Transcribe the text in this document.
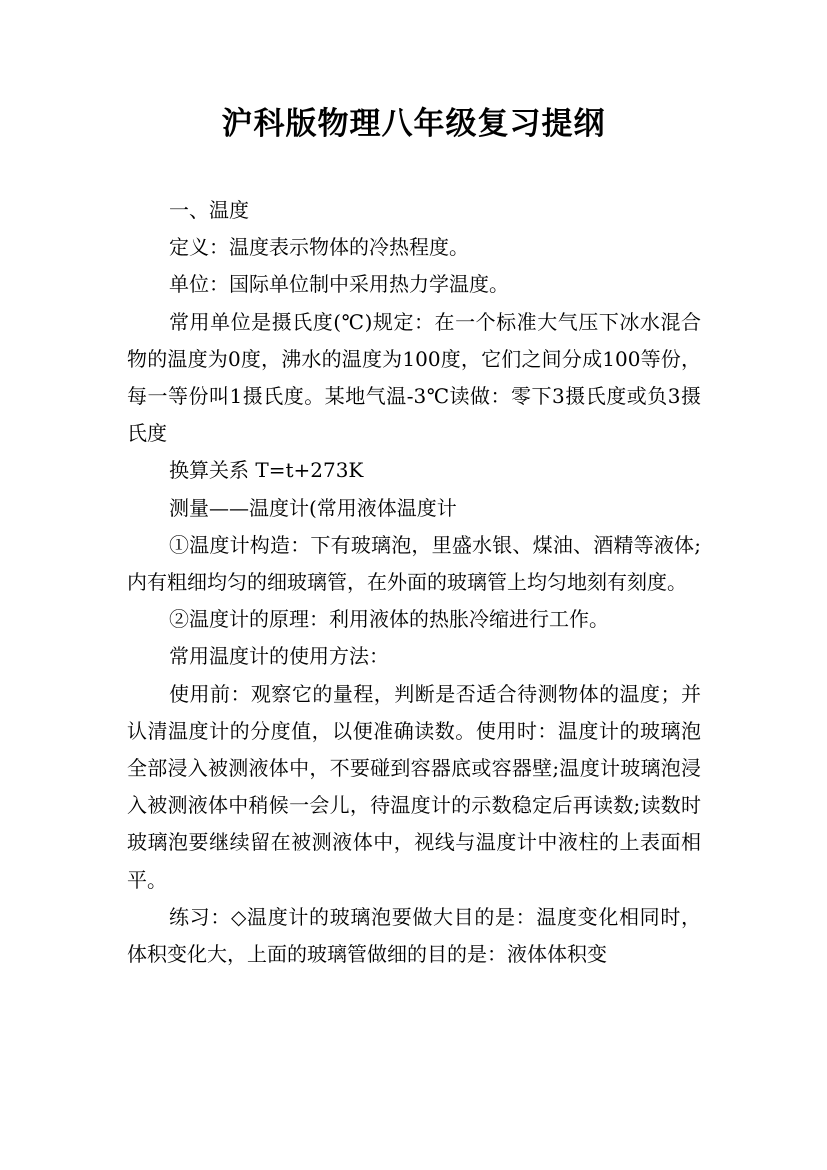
沪科版物理八年级复习提纲

一、温度

定义：温度表示物体的冷热程度。

单位：国际单位制中采用热力学温度。

常用单位是摄氏度(℃)规定：在一个标准大气压下冰水混合物的温度为0度，沸水的温度为100度，它们之间分成100等份，每一等份叫1摄氏度。某地气温-3℃读做：零下3摄氏度或负3摄氏度

换算关系 T=t+273K

测量——温度计(常用液体温度计

①温度计构造：下有玻璃泡，里盛水银、煤油、酒精等液体;内有粗细均匀的细玻璃管，在外面的玻璃管上均匀地刻有刻度。

②温度计的原理：利用液体的热胀冷缩进行工作。

常用温度计的使用方法：

使用前：观察它的量程，判断是否适合待测物体的温度；并认清温度计的分度值，以便准确读数。使用时：温度计的玻璃泡全部浸入被测液体中，不要碰到容器底或容器壁;温度计玻璃泡浸入被测液体中稍候一会儿，待温度计的示数稳定后再读数;读数时玻璃泡要继续留在被测液体中，视线与温度计中液柱的上表面相平。

练习：◇温度计的玻璃泡要做大目的是：温度变化相同时，体积变化大，上面的玻璃管做细的目的是：液体体积变
